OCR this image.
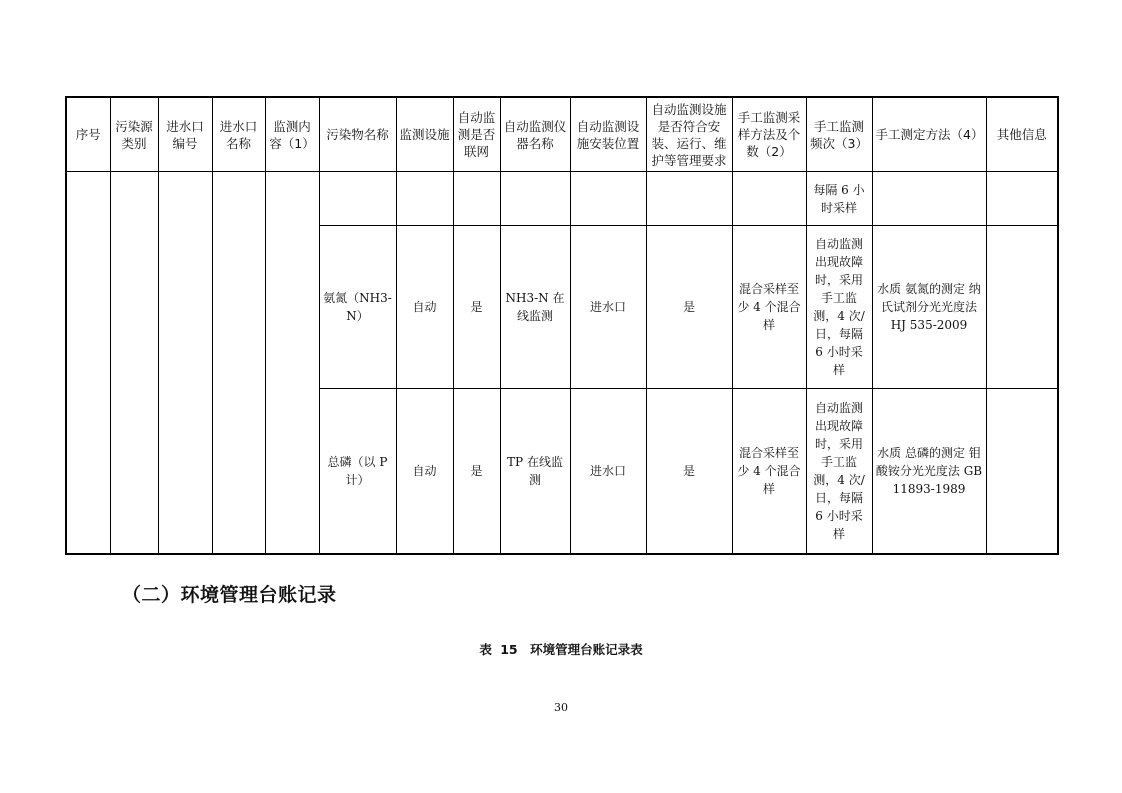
序号	污染源类别	进水口编号	进水口名称	监测内容（1）	污染物名称	监测设施	自动监测是否联网	自动监测仪器名称	自动监测设施安装位置	自动监测设施是否符合安装、运行、维护等管理要求	手工监测采样方法及个数（2）	手工监测频次（3）	手工测定方法（4）	其他信息
												每隔 6 小时采样		
					氨氮（NH3-N）	自动	是	NH3-N 在线监测	进水口	是	混合采样至少 4 个混合样	自动监测出现故障时，采用手工监测，4 次/日，每隔 6 小时采样	水质 氨氮的测定 纳氏试剂分光光度法 HJ 535-2009	
					总磷（以 P 计）	自动	是	TP 在线监测	进水口	是	混合采样至少 4 个混合样	自动监测出现故障时，采用手工监测，4 次/日，每隔 6 小时采样	水质 总磷的测定 钼酸铵分光光度法 GB 11893-1989	
（二）环境管理台账记录
表 15　环境管理台账记录表
30
